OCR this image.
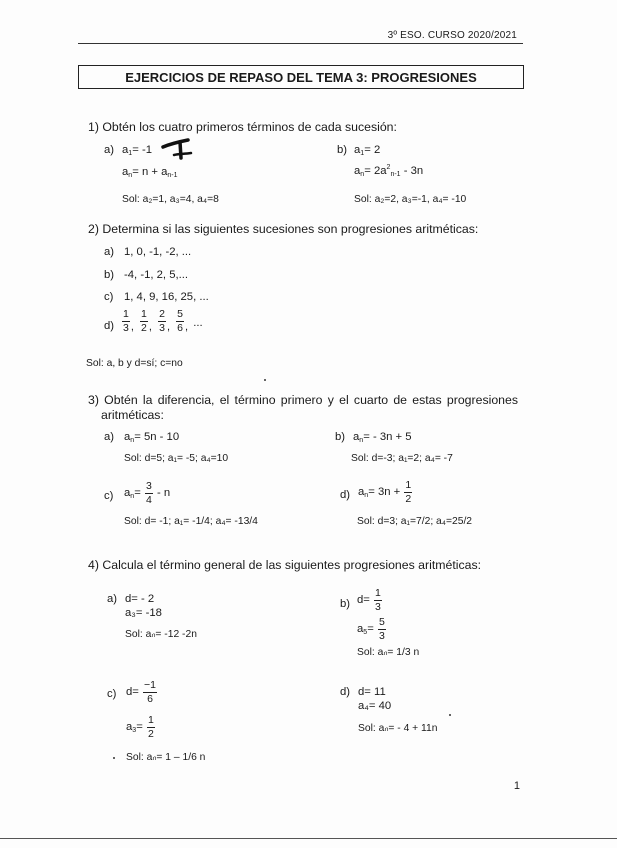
3º ESO. CURSO 2020/2021
EJERCICIOS DE REPASO DEL TEMA 3: PROGRESIONES
1) Obtén los cuatro primeros términos de cada sucesión:
a) $a_1= -1$
$a_n= n + a_{n-1}$
Sol: a₂=1, a₃=4, a₄=8
b) $a_1= 2$
$a_n= 2a^2_{n-1} - 3n$
Sol: a₂=2, a₃=-1, a₄= -10
2) Determina si las siguientes sucesiones son progresiones aritméticas:
a) 1, 0, -1, -2, ...
b) -4, -1, 2, 5,...
c) 1, 4, 9, 16, 25, ...
$d) \frac{1}{3}$ , $\frac{1}{2}$ , $\frac{2}{3}$ , $\frac{5}{6}$ , ...
Sol: a, b y d=sí; c=no
3) Obtén la diferencia, el término primero y el cuarto de estas progresiones
aritméticas:
a) $a_n= 5n - 10$
Sol: d=5; a₁= -5; a₄=10
b) $a_n= - 3n + 5$
Sol: d=-3; a₁=2; a₄= -7
c) $a_n= \frac{3}{4} - n$
Sol: d= -1; a₁= -1/4; a₄= -13/4
d) $a_n= 3n + \frac{1}{2}$
Sol: d=3; a₁=7/2; a₄=25/2
4) Calcula el término general de las siguientes progresiones aritméticas:
a) d= - 2
a₃= -18
Sol: aₙ= -12 -2n
b) $d= \frac{1}{3}$
$a_5= \frac{5}{3}$
Sol: aₙ= 1/3 n
c) $d= \frac{-1}{6}$
$a_3= \frac{1}{2}$
Sol: aₙ= 1 – 1/6 n
d) d= 11
a₄= 40
Sol: aₙ= - 4 + 11n
1
